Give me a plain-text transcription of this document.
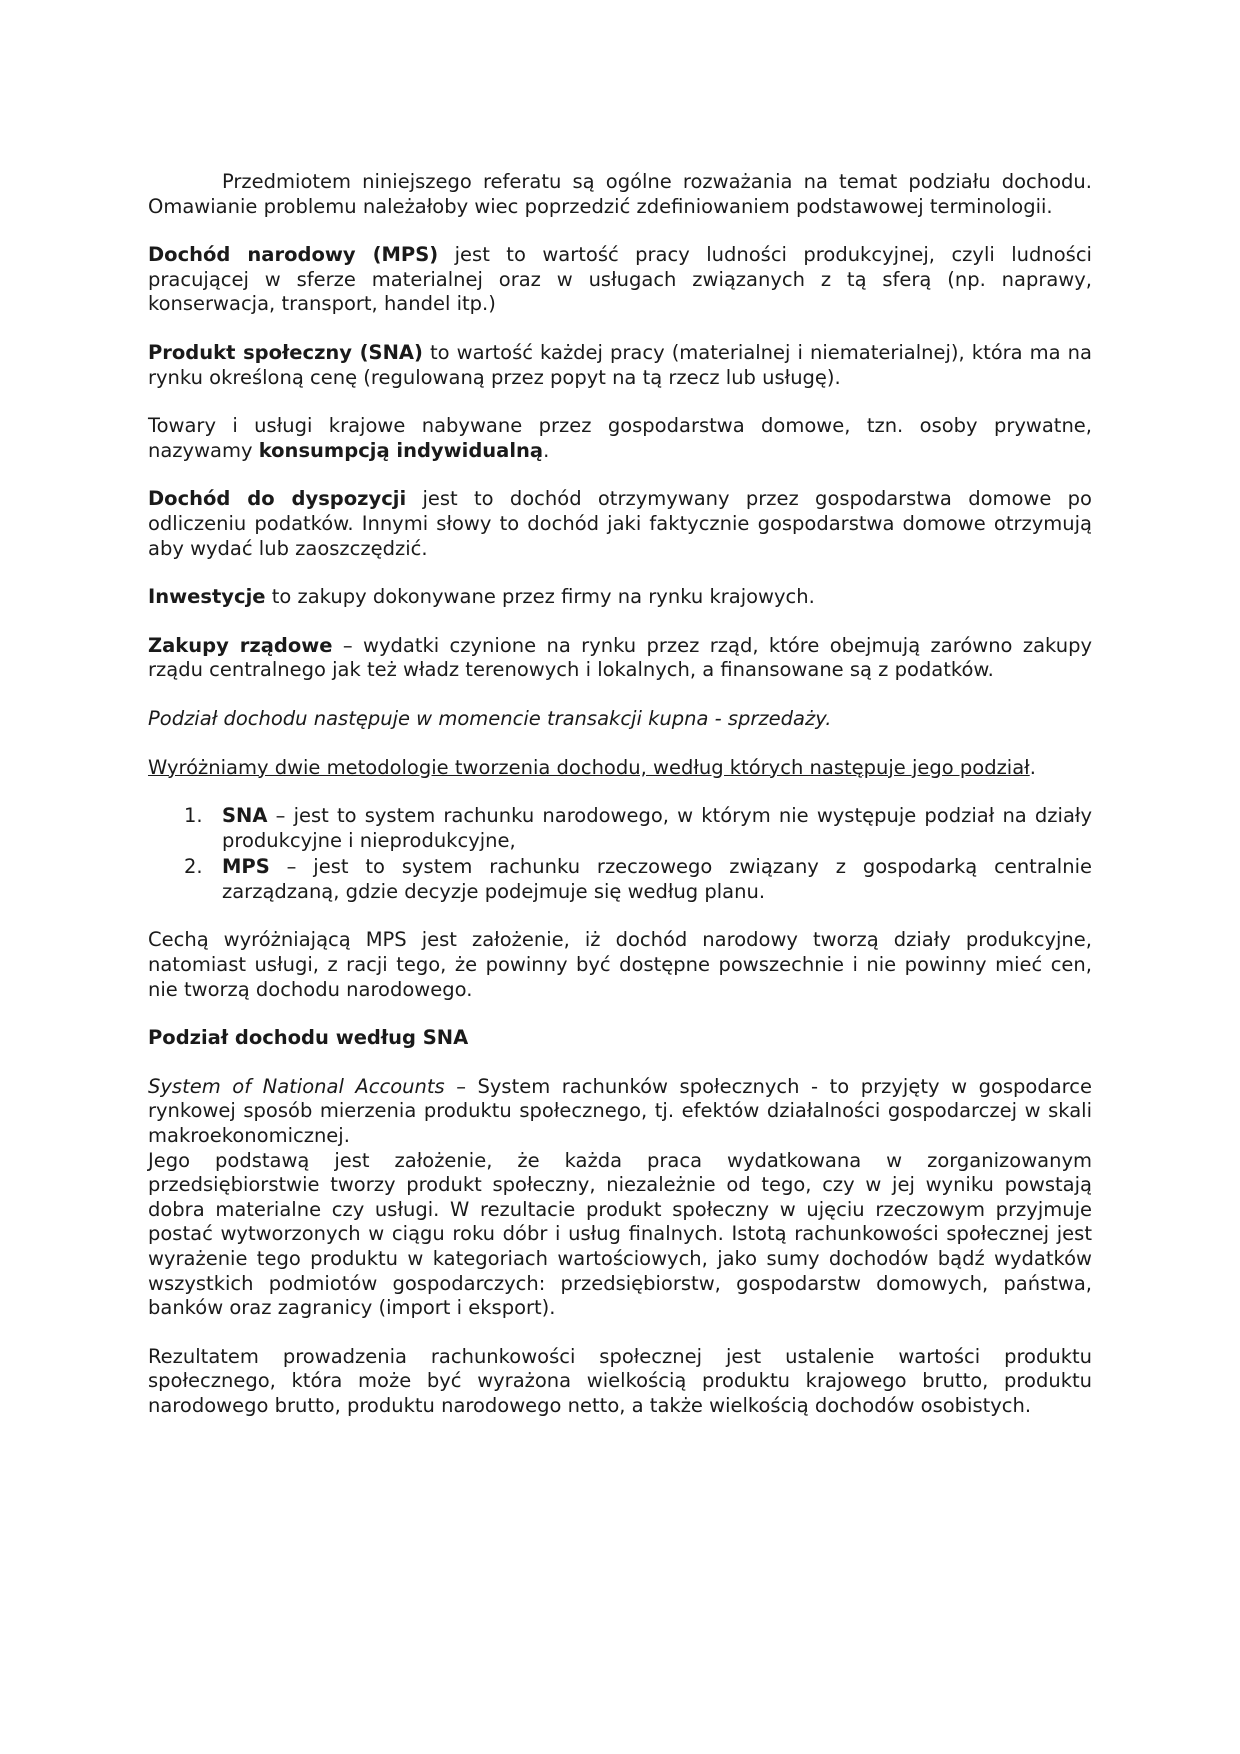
Przedmiotem niniejszego referatu są ogólne rozważania na temat podziału dochodu. Omawianie problemu należałoby wiec poprzedzić zdefiniowaniem podstawowej terminologii.

Dochód narodowy (MPS) jest to wartość pracy ludności produkcyjnej, czyli ludności pracującej w sferze materialnej oraz w usługach związanych z tą sferą (np. naprawy, konserwacja, transport, handel itp.)

Produkt społeczny (SNA) to wartość każdej pracy (materialnej i niematerialnej), która ma na rynku określoną cenę (regulowaną przez popyt na tą rzecz lub usługę).

Towary i usługi krajowe nabywane przez gospodarstwa domowe, tzn. osoby prywatne, nazywamy konsumpcją indywidualną.

Dochód do dyspozycji jest to dochód otrzymywany przez gospodarstwa domowe po odliczeniu podatków. Innymi słowy to dochód jaki faktycznie gospodarstwa domowe otrzymują aby wydać lub zaoszczędzić.

Inwestycje to zakupy dokonywane przez firmy na rynku krajowych.

Zakupy rządowe – wydatki czynione na rynku przez rząd, które obejmują zarówno zakupy rządu centralnego jak też władz terenowych i lokalnych, a finansowane są z podatków.

Podział dochodu następuje w momencie transakcji kupna - sprzedaży.

Wyróżniamy dwie metodologie tworzenia dochodu, według których następuje jego podział.

1. SNA – jest to system rachunku narodowego, w którym nie występuje podział na działy produkcyjne i nieprodukcyjne,
2. MPS – jest to system rachunku rzeczowego związany z gospodarką centralnie zarządzaną, gdzie decyzje podejmuje się według planu.

Cechą wyróżniającą MPS jest założenie, iż dochód narodowy tworzą działy produkcyjne, natomiast usługi, z racji tego, że powinny być dostępne powszechnie i nie powinny mieć cen, nie tworzą dochodu narodowego.

Podział dochodu według SNA

System of National Accounts – System rachunków społecznych - to przyjęty w gospodarce rynkowej sposób mierzenia produktu społecznego, tj. efektów działalności gospodarczej w skali makroekonomicznej.

Jego podstawą jest założenie, że każda praca wydatkowana w zorganizowanym przedsiębiorstwie tworzy produkt społeczny, niezależnie od tego, czy w jej wyniku powstają dobra materialne czy usługi. W rezultacie produkt społeczny w ujęciu rzeczowym przyjmuje postać wytworzonych w ciągu roku dóbr i usług finalnych. Istotą rachunkowości społecznej jest wyrażenie tego produktu w kategoriach wartościowych, jako sumy dochodów bądź wydatków wszystkich podmiotów gospodarczych: przedsiębiorstw, gospodarstw domowych, państwa, banków oraz zagranicy (import i eksport).

Rezultatem prowadzenia rachunkowości społecznej jest ustalenie wartości produktu społecznego, która może być wyrażona wielkością produktu krajowego brutto, produktu narodowego brutto, produktu narodowego netto, a także wielkością dochodów osobistych.
